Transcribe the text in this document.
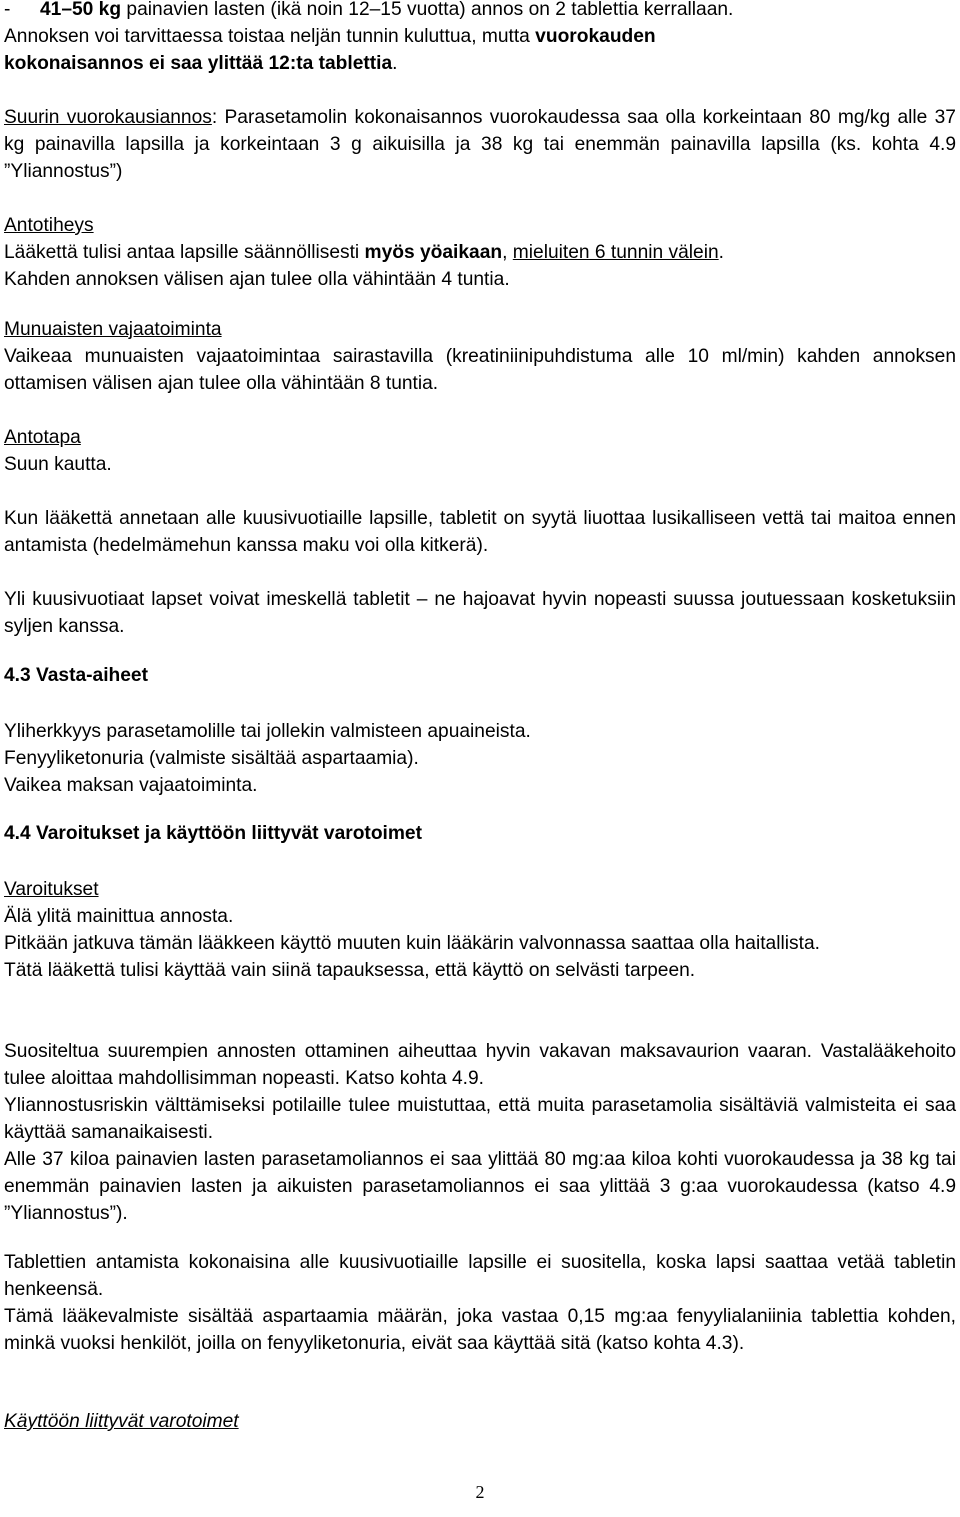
- 41–50 kg painavien lasten (ikä noin 12–15 vuotta) annos on 2 tablettia kerrallaan.

Annoksen voi tarvittaessa toistaa neljän tunnin kuluttua, mutta vuorokauden

kokonaisannos ei saa ylittää 12:ta tablettia.

Suurin vuorokausiannos: Parasetamolin kokonaisannos vuorokaudessa saa olla korkeintaan 80 mg/kg alle 37 kg painavilla lapsilla ja korkeintaan 3 g aikuisilla ja 38 kg tai enemmän painavilla lapsilla (ks. kohta 4.9 ”Yliannostus”)

Antotiheys

Lääkettä tulisi antaa lapsille säännöllisesti myös yöaikaan, mieluiten 6 tunnin välein.

Kahden annoksen välisen ajan tulee olla vähintään 4 tuntia.

Munuaisten vajaatoiminta

Vaikeaa munuaisten vajaatoimintaa sairastavilla (kreatiniinipuhdistuma alle 10 ml/min) kahden annoksen ottamisen välisen ajan tulee olla vähintään 8 tuntia.

Antotapa

Suun kautta.

Kun lääkettä annetaan alle kuusivuotiaille lapsille, tabletit on syytä liuottaa lusikalliseen vettä tai maitoa ennen antamista (hedelmämehun kanssa maku voi olla kitkerä).

Yli kuusivuotiaat lapset voivat imeskellä tabletit – ne hajoavat hyvin nopeasti suussa joutuessaan kosketuksiin syljen kanssa.

4.3 Vasta-aiheet

Yliherkkyys parasetamolille tai jollekin valmisteen apuaineista.

Fenyyliketonuria (valmiste sisältää aspartaamia).

Vaikea maksan vajaatoiminta.

4.4 Varoitukset ja käyttöön liittyvät varotoimet

Varoitukset

Älä ylitä mainittua annosta.

Pitkään jatkuva tämän lääkkeen käyttö muuten kuin lääkärin valvonnassa saattaa olla haitallista.

Tätä lääkettä tulisi käyttää vain siinä tapauksessa, että käyttö on selvästi tarpeen.

Suositeltua suurempien annosten ottaminen aiheuttaa hyvin vakavan maksavaurion vaaran. Vastalääkehoito tulee aloittaa mahdollisimman nopeasti. Katso kohta 4.9.

Yliannostusriskin välttämiseksi potilaille tulee muistuttaa, että muita parasetamolia sisältäviä valmisteita ei saa käyttää samanaikaisesti.

Alle 37 kiloa painavien lasten parasetamoliannos ei saa ylittää 80 mg:aa kiloa kohti vuorokaudessa ja 38 kg tai enemmän painavien lasten ja aikuisten parasetamoliannos ei saa ylittää 3 g:aa vuorokaudessa (katso 4.9 ”Yliannostus”).

Tablettien antamista kokonaisina alle kuusivuotiaille lapsille ei suositella, koska lapsi saattaa vetää tabletin henkeensä.

Tämä lääkevalmiste sisältää aspartaamia määrän, joka vastaa 0,15 mg:aa fenyylialaniinia tablettia kohden, minkä vuoksi henkilöt, joilla on fenyyliketonuria, eivät saa käyttää sitä (katso kohta 4.3).

Käyttöön liittyvät varotoimet

2
